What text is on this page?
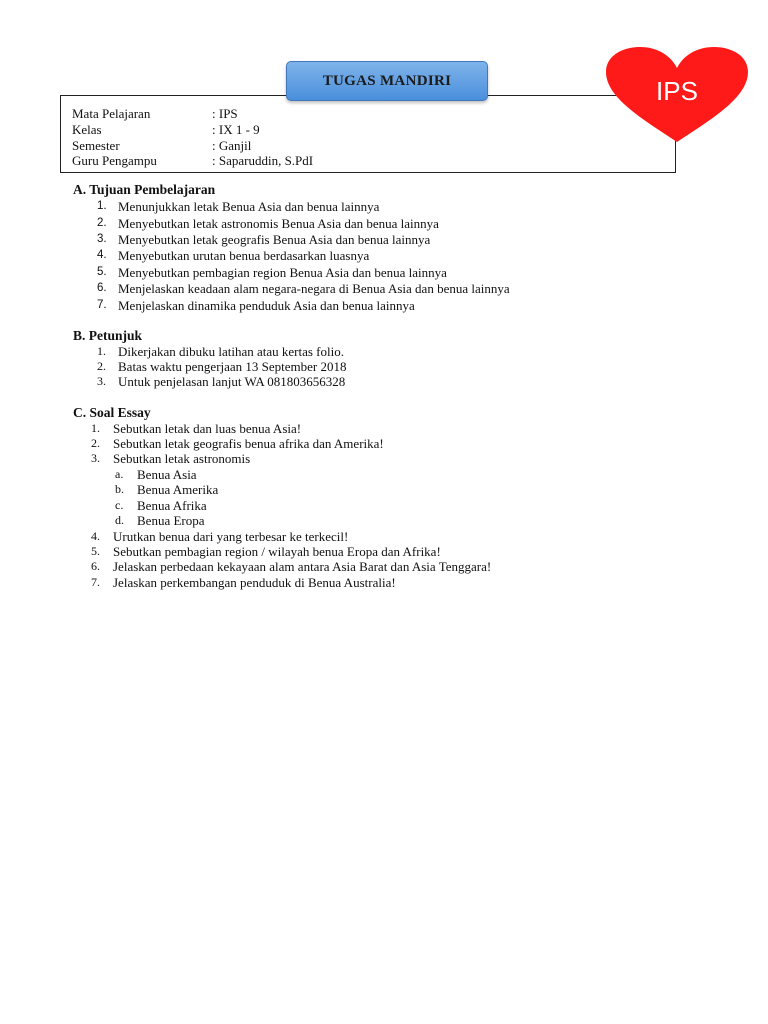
TUGAS MANDIRI	IPS
Mata Pelajaran	: IPS
Kelas	: IX 1 - 9
Semester	: Ganjil
Guru Pengampu	: Saparuddin, S.PdI
A. Tujuan Pembelajaran
1. Menunjukkan letak Benua Asia dan benua lainnya
2. Menyebutkan letak astronomis Benua Asia dan benua lainnya
3. Menyebutkan letak geografis Benua Asia dan benua lainnya
4. Menyebutkan urutan benua berdasarkan luasnya
5. Menyebutkan pembagian region Benua Asia dan benua lainnya
6. Menjelaskan keadaan alam negara-negara di Benua Asia dan benua lainnya
7. Menjelaskan dinamika penduduk Asia dan benua lainnya
B. Petunjuk
1. Dikerjakan dibuku latihan atau kertas folio.
2. Batas waktu pengerjaan 13 September 2018
3. Untuk penjelasan lanjut WA 081803656328
C. Soal Essay
1. Sebutkan letak dan luas benua Asia!
2. Sebutkan letak geografis benua afrika dan Amerika!
3. Sebutkan letak astronomis
a. Benua Asia
b. Benua Amerika
c. Benua Afrika
d. Benua Eropa
4. Urutkan benua dari yang terbesar ke terkecil!
5. Sebutkan pembagian region / wilayah benua Eropa dan Afrika!
6. Jelaskan perbedaan kekayaan alam antara Asia Barat dan Asia Tenggara!
7. Jelaskan perkembangan penduduk di Benua Australia!
